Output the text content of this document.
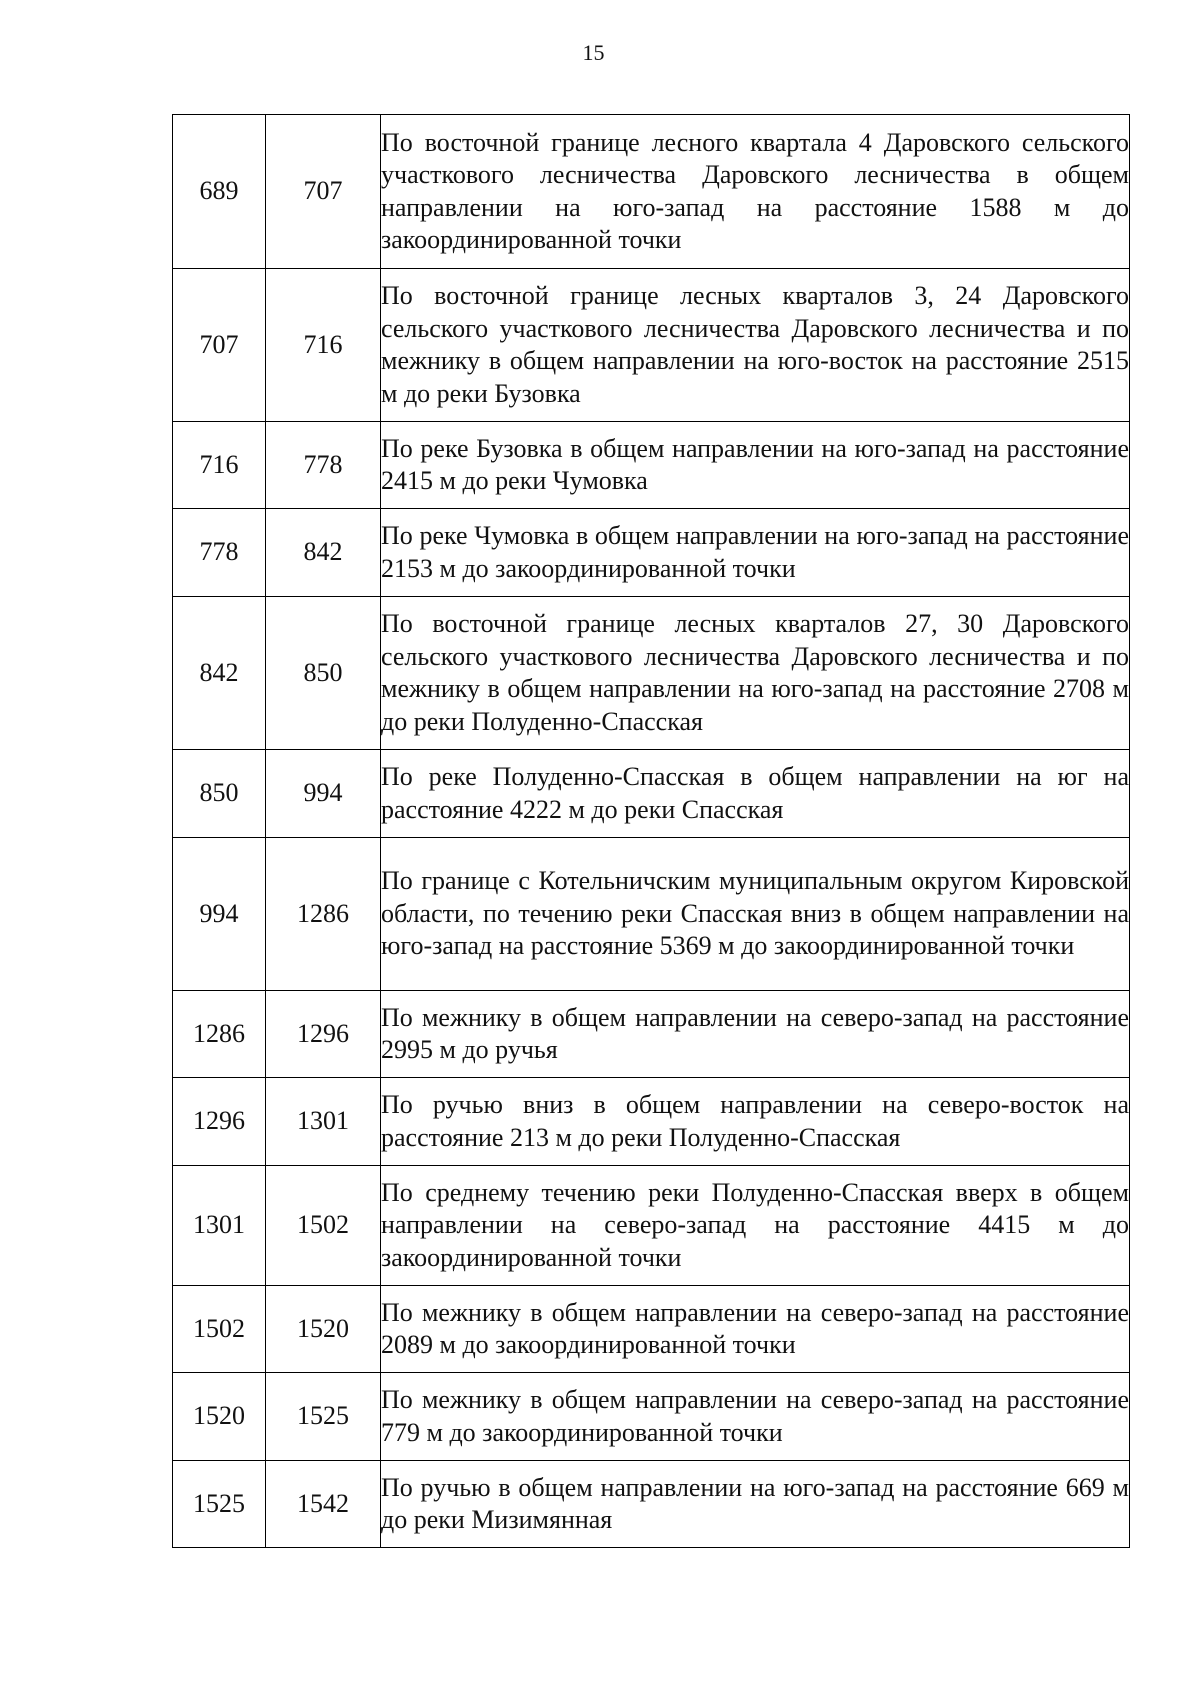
15
689	707	По восточной границе лесного квартала 4 Даровского сельского участкового лесничества Даровского лесничества в общем направлении на юго-запад на расстояние 1588 м до закоординированной точки
707	716	По восточной границе лесных кварталов 3, 24 Даровского сельского участкового лесничества Даровского лесничества и по межнику в общем направлении на юго-восток на расстояние 2515 м до реки Бузовка
716	778	По реке Бузовка в общем направлении на юго-запад на расстояние 2415 м до реки Чумовка
778	842	По реке Чумовка в общем направлении на юго-запад на расстояние 2153 м до закоординированной точки
842	850	По восточной границе лесных кварталов 27, 30 Даровского сельского участкового лесничества Даровского лесничества и по межнику в общем направлении на юго-запад на расстояние 2708 м до реки Полуденно-Спасская
850	994	По реке Полуденно-Спасская в общем направлении на юг на расстояние 4222 м до реки Спасская
994	1286	По границе с Котельничским муниципальным округом Кировской области, по течению реки Спасская вниз в общем направлении на юго-запад на расстояние 5369 м до закоординированной точки
1286	1296	По межнику в общем направлении на северо-запад на расстояние 2995 м до ручья
1296	1301	По ручью вниз в общем направлении на северо-восток на расстояние 213 м до реки Полуденно-Спасская
1301	1502	По среднему течению реки Полуденно-Спасская вверх в общем направлении на северо-запад на расстояние 4415 м до закоординированной точки
1502	1520	По межнику в общем направлении на северо-запад на расстояние 2089 м до закоординированной точки
1520	1525	По межнику в общем направлении на северо-запад на расстояние 779 м до закоординированной точки
1525	1542	По ручью в общем направлении на юго-запад на расстояние 669 м до реки Мизимянная
